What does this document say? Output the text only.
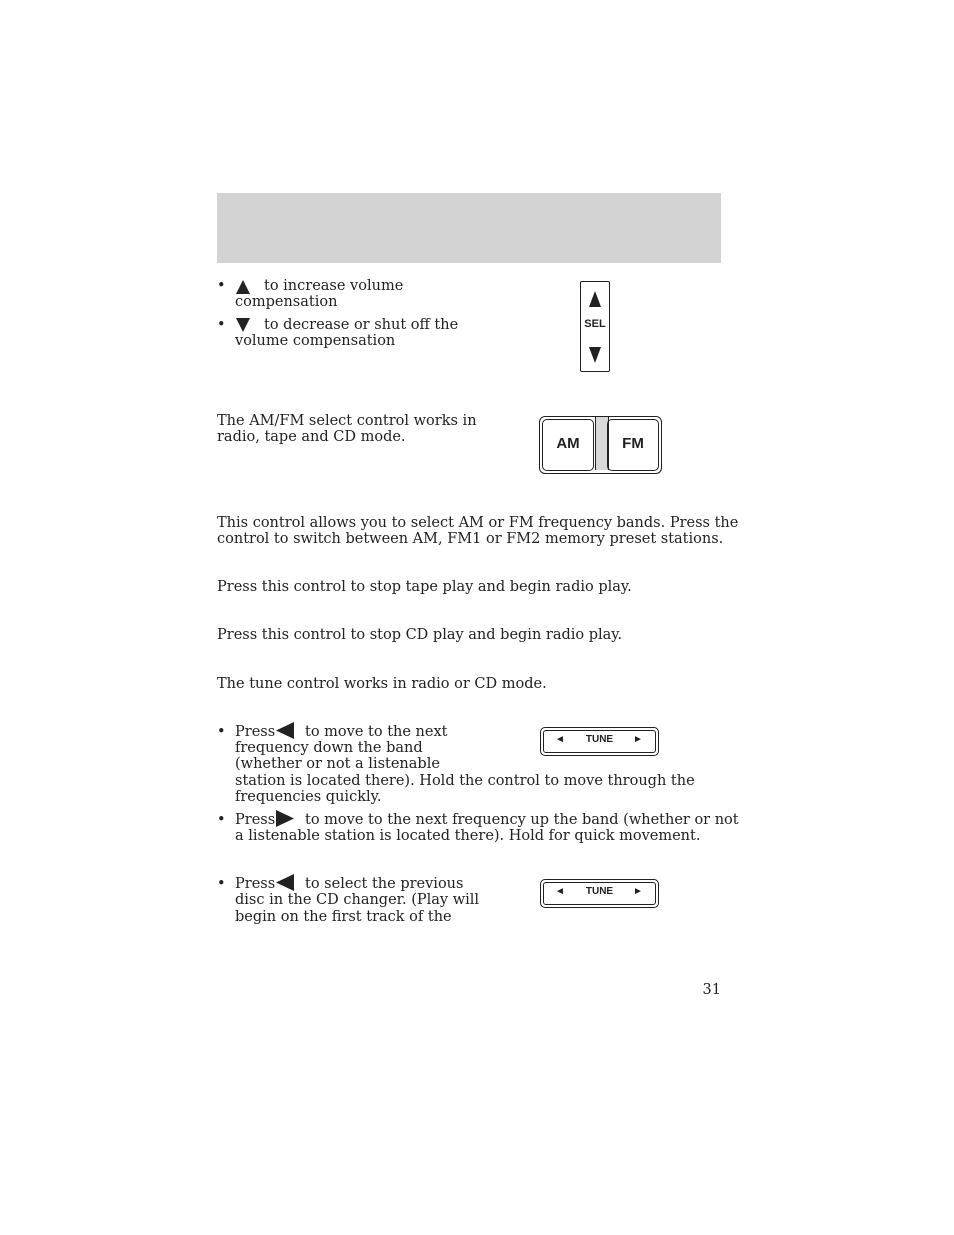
•	to increase volume
compensation
•	to decrease or shut off the
volume compensation
SEL
The AM/FM select control works in
radio, tape and CD mode.	AM	FM
This control allows you to select AM or FM frequency bands. Press the
control to switch between AM, FM1 or FM2 memory preset stations.
Press this control to stop tape play and begin radio play.
Press this control to stop CD play and begin radio play.
The tune control works in radio or CD mode.
• Press to move to the next
frequency down the band
(whether or not a listenable
station is located there). Hold the control to move through the
frequencies quickly.
◄	TUNE	►
• Press to move to the next frequency up the band (whether or not
a listenable station is located there). Hold for quick movement.
• Press to select the previous
disc in the CD changer. (Play will
begin on the first track of the
◄	TUNE	►
31
